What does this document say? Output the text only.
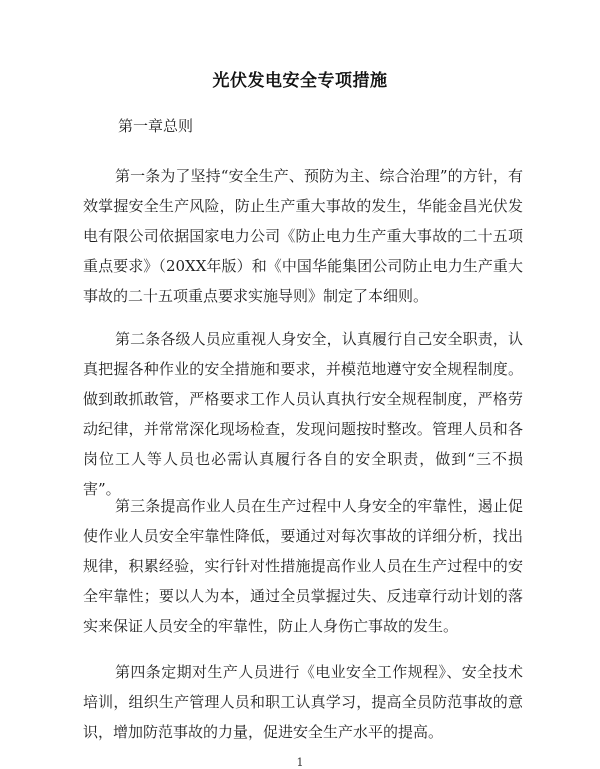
光伏发电安全专项措施
第一章总则

第一条为了坚持“安全生产、预防为主、综合治理”的方针，有效掌握安全生产风险，防止生产重大事故的发生，华能金昌光伏发电有限公司依据国家电力公司《防止电力生产重大事故的二十五项重点要求》（20XX年版）和《中国华能集团公司防止电力生产重大事故的二十五项重点要求实施导则》制定了本细则。

第二条各级人员应重视人身安全，认真履行自己安全职责，认真把握各种作业的安全措施和要求，并模范地遵守安全规程制度。做到敢抓敢管，严格要求工作人员认真执行安全规程制度，严格劳动纪律，并常常深化现场检查，发现问题按时整改。管理人员和各岗位工人等人员也必需认真履行各自的安全职责，做到“三不损害”。

第三条提高作业人员在生产过程中人身安全的牢靠性，遏止促使作业人员安全牢靠性降低，要通过对每次事故的详细分析，找出规律，积累经验，实行针对性措施提高作业人员在生产过程中的安全牢靠性；要以人为本，通过全员掌握过失、反违章行动计划的落实来保证人员安全的牢靠性，防止人身伤亡事故的发生。

第四条定期对生产人员进行《电业安全工作规程》、安全技术培训，组织生产管理人员和职工认真学习，提高全员防范事故的意识，增加防范事故的力量，促进安全生产水平的提高。

1
